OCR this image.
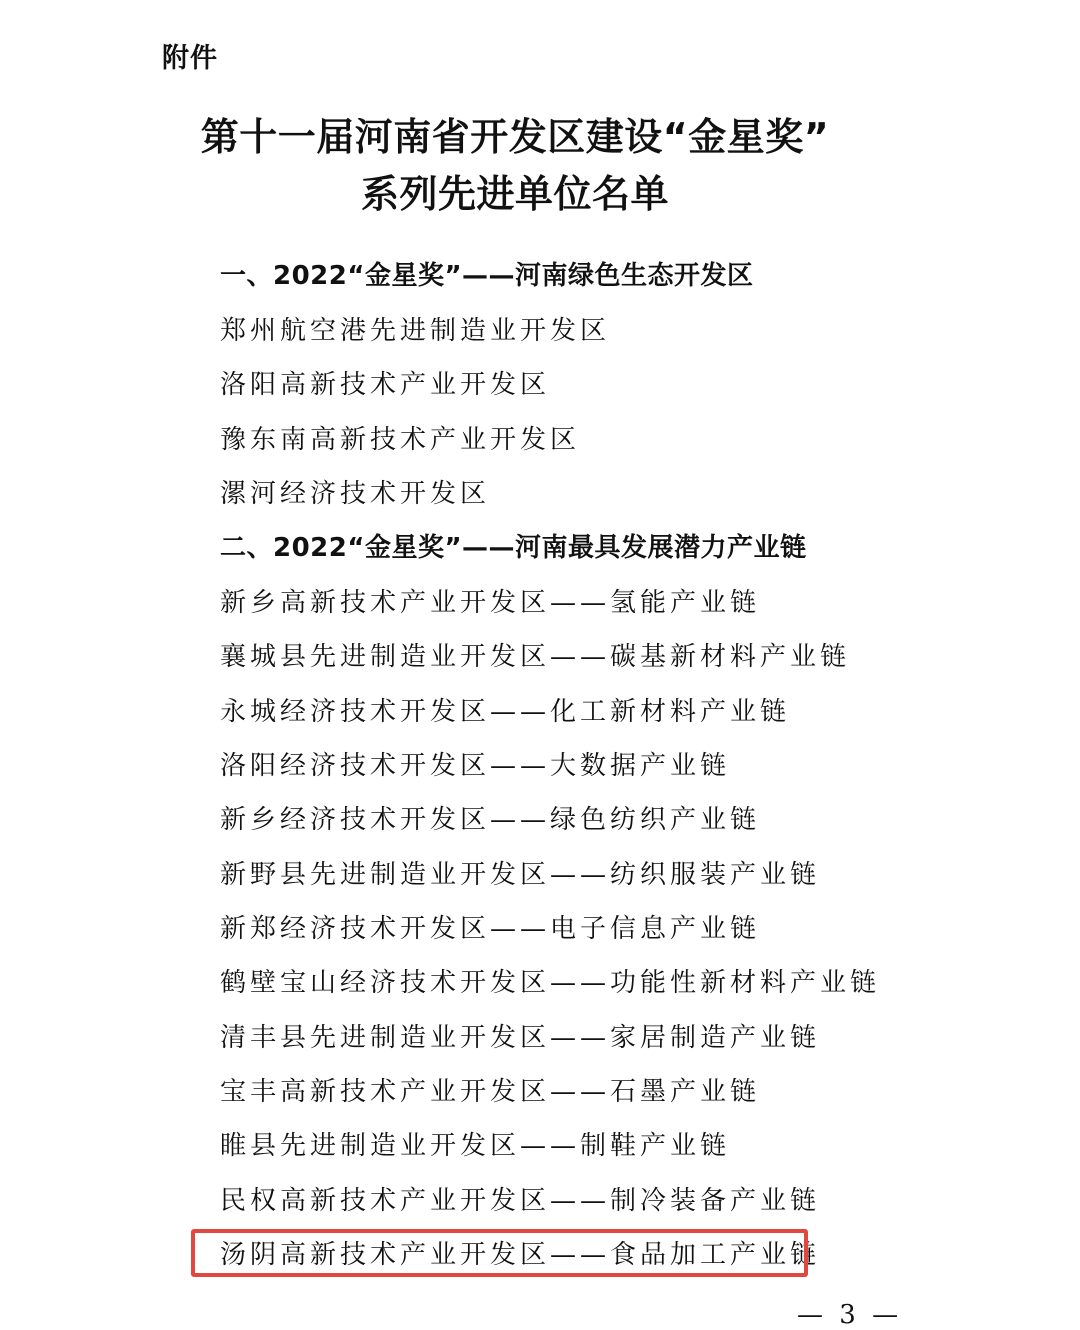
附件
第十一届河南省开发区建设“金星奖”
系列先进单位名单
一、2022“金星奖”——河南绿色生态开发区
郑州航空港先进制造业开发区
洛阳高新技术产业开发区
豫东南高新技术产业开发区
漯河经济技术开发区
二、2022“金星奖”——河南最具发展潜力产业链
新乡高新技术产业开发区——氢能产业链
襄城县先进制造业开发区——碳基新材料产业链
永城经济技术开发区——化工新材料产业链
洛阳经济技术开发区——大数据产业链
新乡经济技术开发区——绿色纺织产业链
新野县先进制造业开发区——纺织服装产业链
新郑经济技术开发区——电子信息产业链
鹤壁宝山经济技术开发区——功能性新材料产业链
清丰县先进制造业开发区——家居制造产业链
宝丰高新技术产业开发区——石墨产业链
睢县先进制造业开发区——制鞋产业链
民权高新技术产业开发区——制冷装备产业链
汤阴高新技术产业开发区——食品加工产业链
— 3 —
